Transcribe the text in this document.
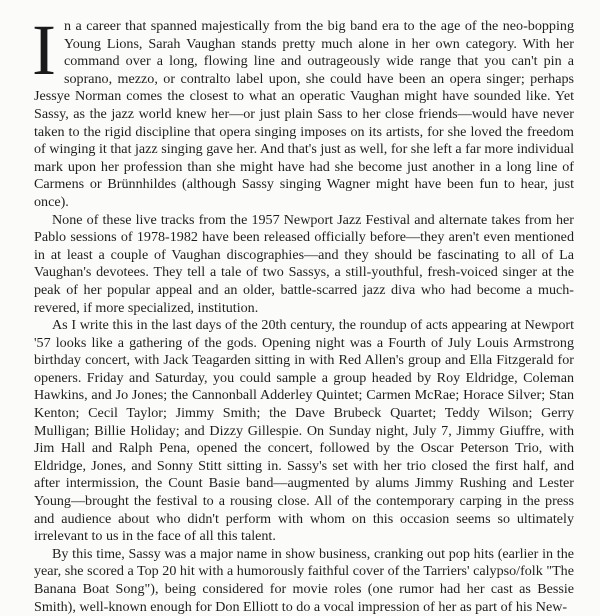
In a career that spanned majestically from the big band era to the age of the neo-bopping Young Lions, Sarah Vaughan stands pretty much alone in her own category. With her command over a long, flowing line and outrageously wide range that you can't pin a soprano, mezzo, or contralto label upon, she could have been an opera singer; perhaps Jessye Norman comes the closest to what an operatic Vaughan might have sounded like. Yet Sassy, as the jazz world knew her—or just plain Sass to her close friends—would have never taken to the rigid discipline that opera singing imposes on its artists, for she loved the freedom of winging it that jazz singing gave her. And that's just as well, for she left a far more individual mark upon her profession than she might have had she become just another in a long line of Carmens or Brünnhildes (although Sassy singing Wagner might have been fun to hear, just once).

None of these live tracks from the 1957 Newport Jazz Festival and alternate takes from her Pablo sessions of 1978-1982 have been released officially before—they aren't even mentioned in at least a couple of Vaughan discographies—and they should be fascinating to all of La Vaughan's devotees. They tell a tale of two Sassys, a still-youthful, fresh-voiced singer at the peak of her popular appeal and an older, battle-scarred jazz diva who had become a much-revered, if more specialized, institution.

As I write this in the last days of the 20th century, the roundup of acts appearing at Newport '57 looks like a gathering of the gods. Opening night was a Fourth of July Louis Armstrong birthday concert, with Jack Teagarden sitting in with Red Allen's group and Ella Fitzgerald for openers. Friday and Saturday, you could sample a group headed by Roy Eldridge, Coleman Hawkins, and Jo Jones; the Cannonball Adderley Quintet; Carmen McRae; Horace Silver; Stan Kenton; Cecil Taylor; Jimmy Smith; the Dave Brubeck Quartet; Teddy Wilson; Gerry Mulligan; Billie Holiday; and Dizzy Gillespie. On Sunday night, July 7, Jimmy Giuffre, with Jim Hall and Ralph Pena, opened the concert, followed by the Oscar Peterson Trio, with Eldridge, Jones, and Sonny Stitt sitting in. Sassy's set with her trio closed the first half, and after intermission, the Count Basie band—augmented by alums Jimmy Rushing and Lester Young—brought the festival to a rousing close. All of the contemporary carping in the press and audience about who didn't perform with whom on this occasion seems so ultimately irrelevant to us in the face of all this talent.

By this time, Sassy was a major name in show business, cranking out pop hits (earlier in the year, she scored a Top 20 hit with a humorously faithful cover of the Tarriers' calypso/folk "The Banana Boat Song"), being considered for movie roles (one rumor had her cast as Bessie Smith), well-known enough for Don Elliott to do a vocal impression of her as part of his New-
